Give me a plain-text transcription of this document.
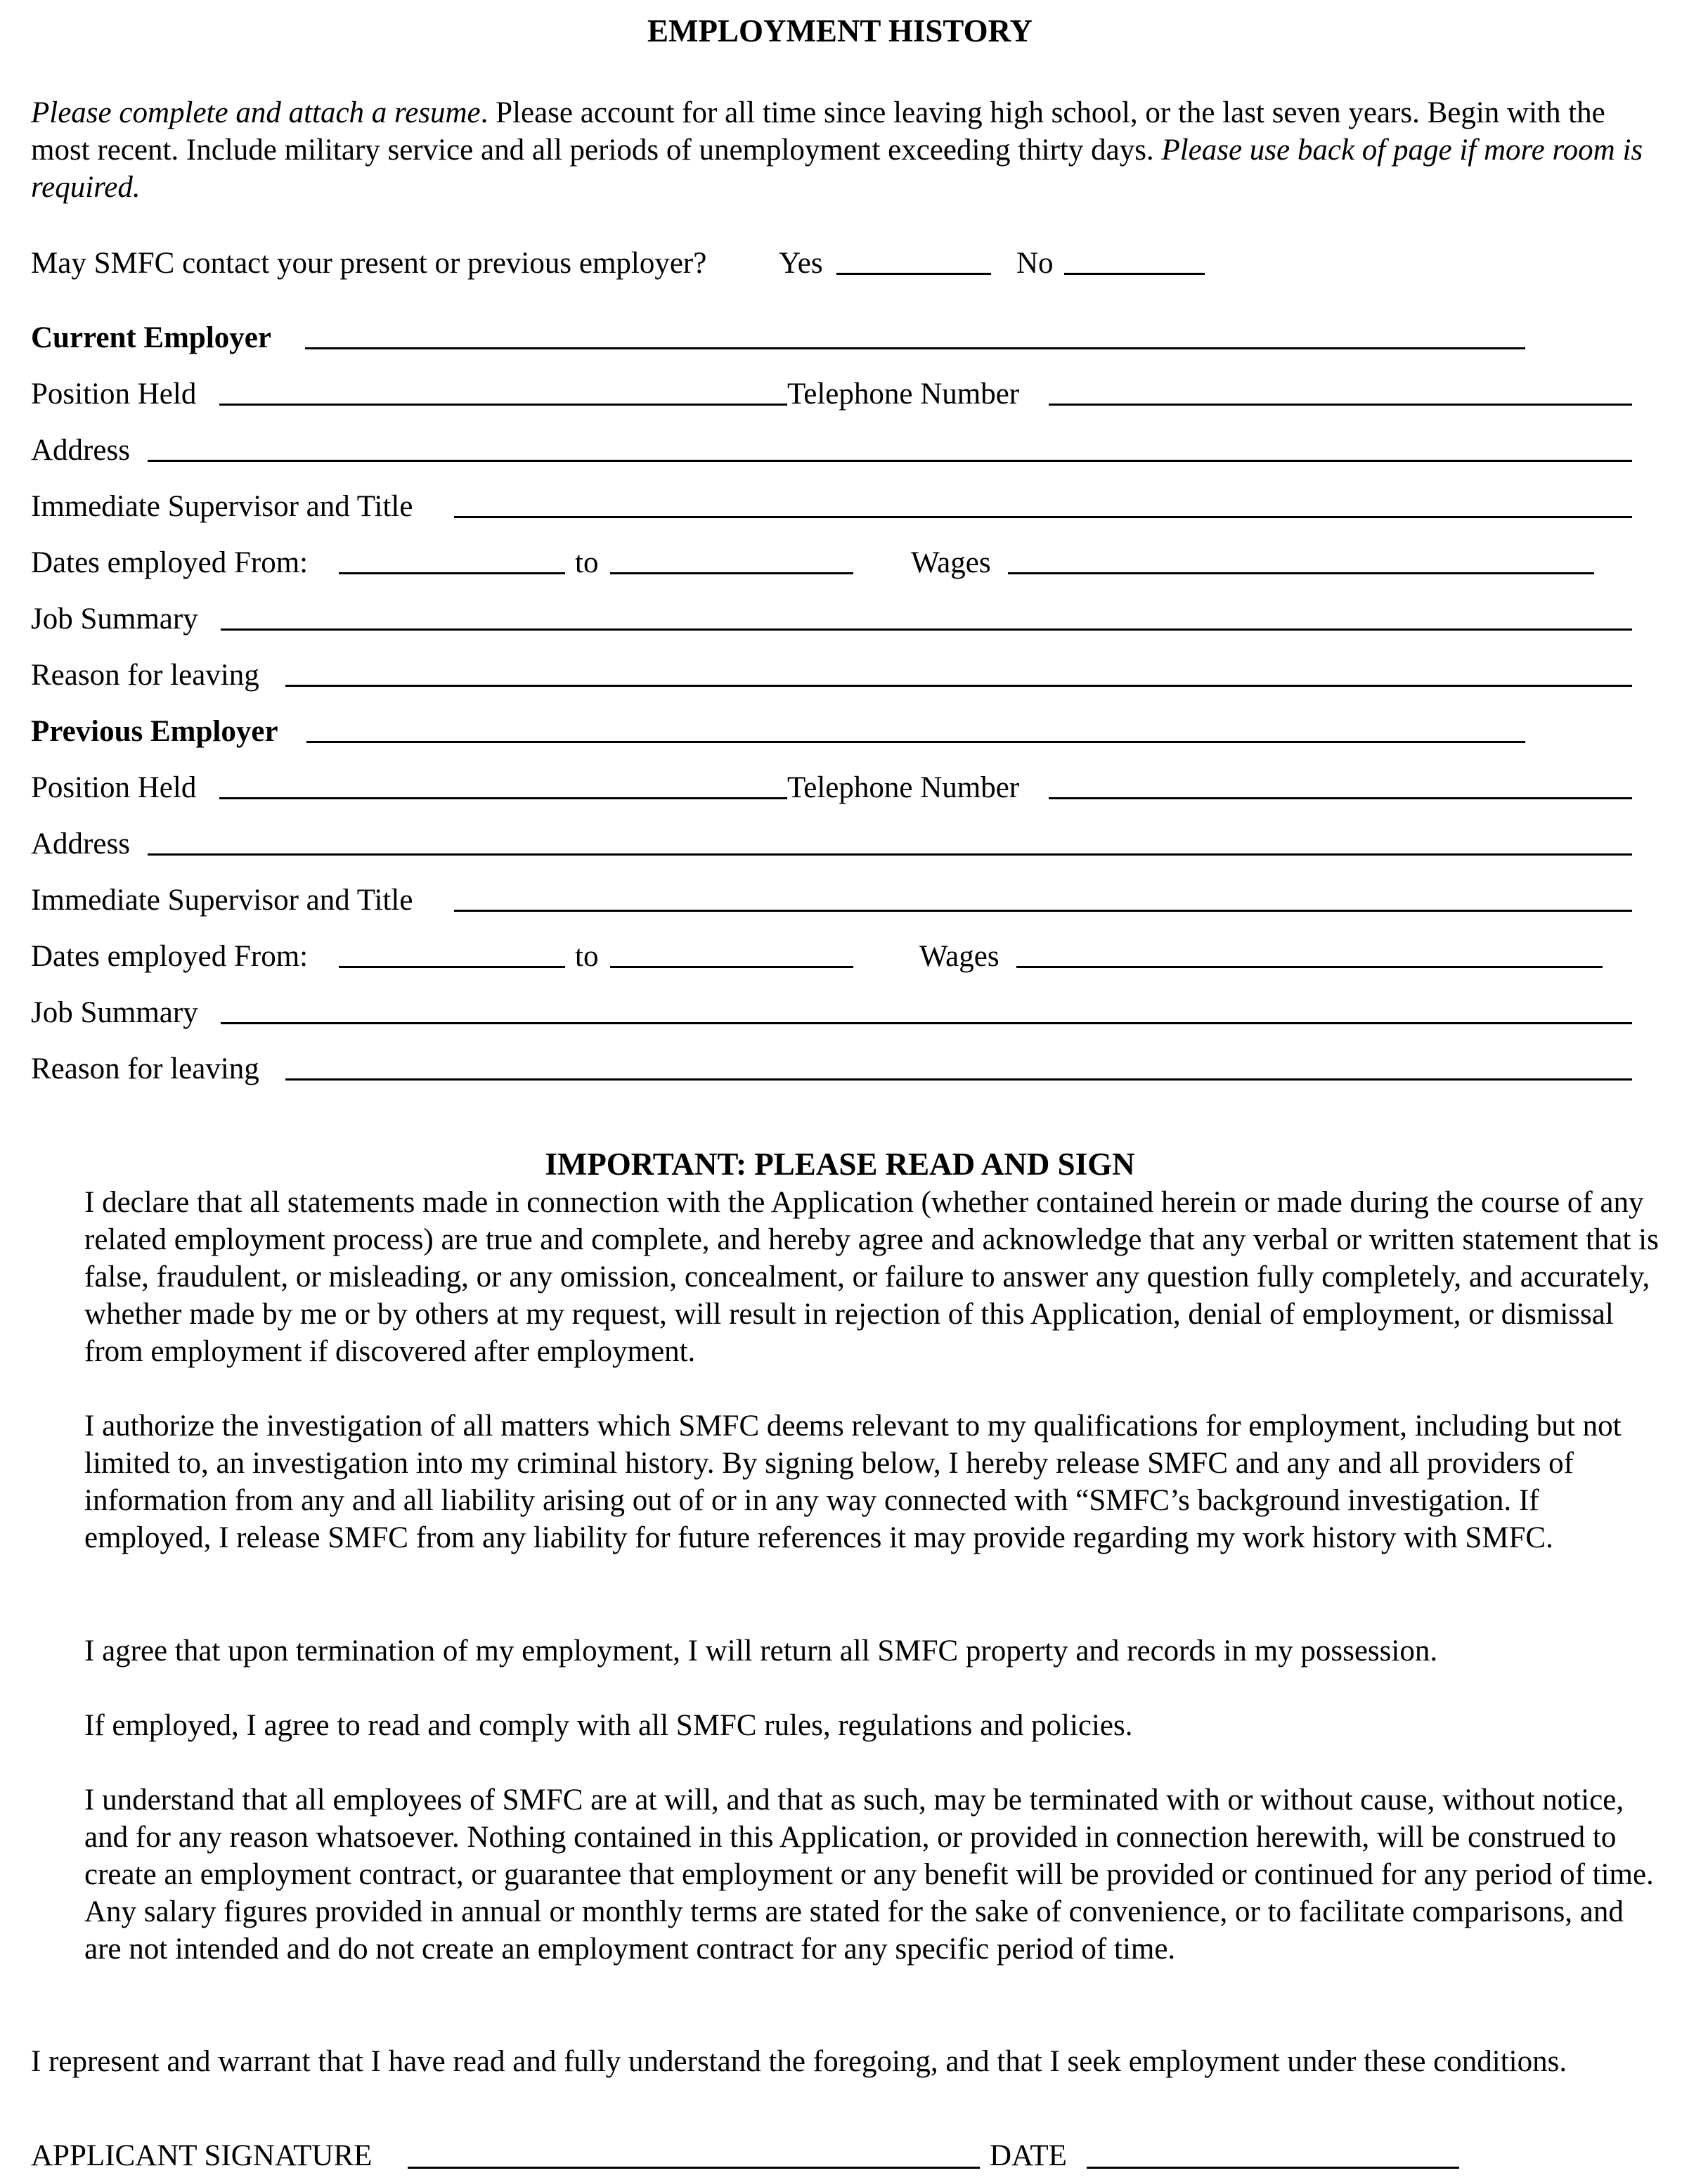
EMPLOYMENT HISTORY
Please complete and attach a resume. Please account for all time since leaving high school, or the last seven years. Begin with the most recent. Include military service and all periods of unemployment exceeding thirty days. Please use back of page if more room is required.
May SMFC contact your present or previous employer? Yes	No
Current Employer
Position Held	Telephone Number
Address
Immediate Supervisor and Title
Dates employed From:	to	Wages
Job Summary
Reason for leaving
Previous Employer
Position Held	Telephone Number
Address
Immediate Supervisor and Title
Dates employed From:	to	Wages
Job Summary
Reason for leaving
IMPORTANT: PLEASE READ AND SIGN
I declare that all statements made in connection with the Application (whether contained herein or made during the course of any related employment process) are true and complete, and hereby agree and acknowledge that any verbal or written statement that is false, fraudulent, or misleading, or any omission, concealment, or failure to answer any question fully completely, and accurately, whether made by me or by others at my request, will result in rejection of this Application, denial of employment, or dismissal from employment if discovered after employment.
I authorize the investigation of all matters which SMFC deems relevant to my qualifications for employment, including but not limited to, an investigation into my criminal history. By signing below, I hereby release SMFC and any and all providers of information from any and all liability arising out of or in any way connected with “SMFC’s background investigation. If employed, I release SMFC from any liability for future references it may provide regarding my work history with SMFC.
I agree that upon termination of my employment, I will return all SMFC property and records in my possession.
If employed, I agree to read and comply with all SMFC rules, regulations and policies.
I understand that all employees of SMFC are at will, and that as such, may be terminated with or without cause, without notice, and for any reason whatsoever. Nothing contained in this Application, or provided in connection herewith, will be construed to create an employment contract, or guarantee that employment or any benefit will be provided or continued for any period of time. Any salary figures provided in annual or monthly terms are stated for the sake of convenience, or to facilitate comparisons, and are not intended and do not create an employment contract for any specific period of time.
I represent and warrant that I have read and fully understand the foregoing, and that I seek employment under these conditions.
APPLICANT SIGNATURE	DATE
